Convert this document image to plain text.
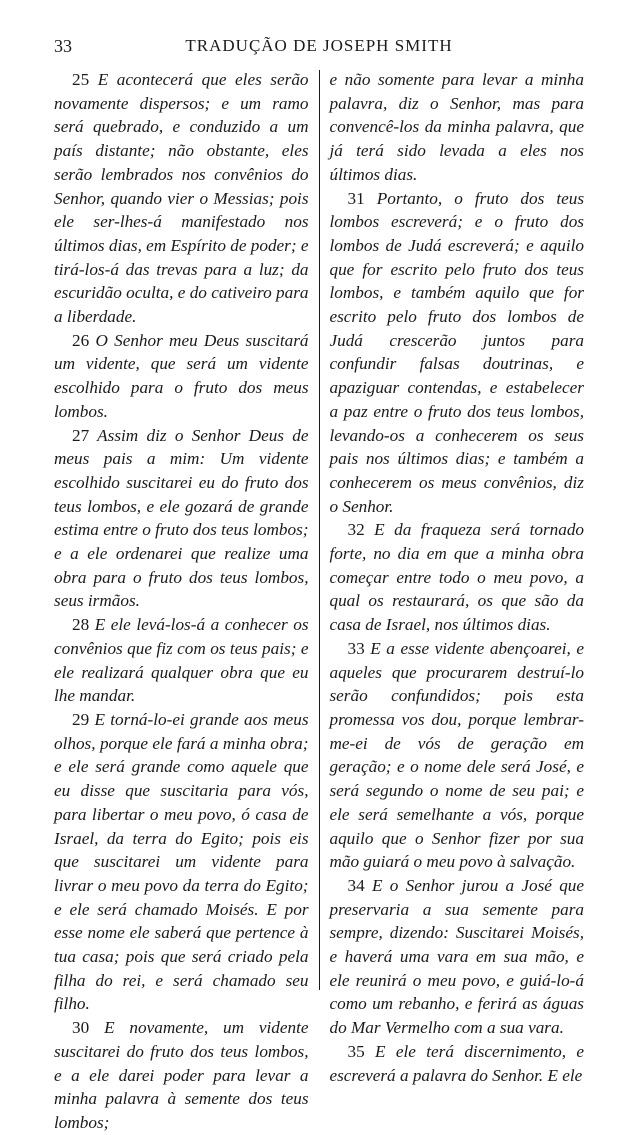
33	TRADUÇÃO DE JOSEPH SMITH

25 E acontecerá que eles serão novamente dispersos; e um ramo será quebrado, e conduzido a um país distante; não obstante, eles serão lembrados nos convênios do Senhor, quando vier o Messias; pois ele ser-lhes-á manifestado nos últimos dias, em Espírito de poder; e tirá-los-á das trevas para a luz; da escuridão oculta, e do cativeiro para a liberdade.

26 O Senhor meu Deus suscitará um vidente, que será um vidente escolhido para o fruto dos meus lombos.

27 Assim diz o Senhor Deus de meus pais a mim: Um vidente escolhido suscitarei eu do fruto dos teus lombos, e ele gozará de grande estima entre o fruto dos teus lombos; e a ele ordenarei que realize uma obra para o fruto dos teus lombos, seus irmãos.

28 E ele levá-los-á a conhecer os convênios que fiz com os teus pais; e ele realizará qualquer obra que eu lhe mandar.

29 E torná-lo-ei grande aos meus olhos, porque ele fará a minha obra; e ele será grande como aquele que eu disse que suscitaria para vós, para libertar o meu povo, ó casa de Israel, da terra do Egito; pois eis que suscitarei um vidente para livrar o meu povo da terra do Egito; e ele será chamado Moisés. E por esse nome ele saberá que pertence à tua casa; pois que será criado pela filha do rei, e será chamado seu filho.

30 E novamente, um vidente suscitarei do fruto dos teus lombos, e a ele darei poder para levar a minha palavra à semente dos teus lombos;

e não somente para levar a minha palavra, diz o Senhor, mas para convencê-los da minha palavra, que já terá sido levada a eles nos últimos dias.

31 Portanto, o fruto dos teus lombos escreverá; e o fruto dos lombos de Judá escreverá; e aquilo que for escrito pelo fruto dos teus lombos, e também aquilo que for escrito pelo fruto dos lombos de Judá crescerão juntos para confundir falsas doutrinas, e apaziguar contendas, e estabelecer a paz entre o fruto dos teus lombos, levando-os a conhecerem os seus pais nos últimos dias; e também a conhecerem os meus convênios, diz o Senhor.

32 E da fraqueza será tornado forte, no dia em que a minha obra começar entre todo o meu povo, a qual os restaurará, os que são da casa de Israel, nos últimos dias.

33 E a esse vidente abençoarei, e aqueles que procurarem destruí-lo serão confundidos; pois esta promessa vos dou, porque lembrar-me-ei de vós de geração em geração; e o nome dele será José, e será segundo o nome de seu pai; e ele será semelhante a vós, porque aquilo que o Senhor fizer por sua mão guiará o meu povo à salvação.

34 E o Senhor jurou a José que preservaria a sua semente para sempre, dizendo: Suscitarei Moisés, e haverá uma vara em sua mão, e ele reunirá o meu povo, e guiá-lo-á como um rebanho, e ferirá as águas do Mar Vermelho com a sua vara.

35 E ele terá discernimento, e escreverá a palavra do Senhor. E ele
